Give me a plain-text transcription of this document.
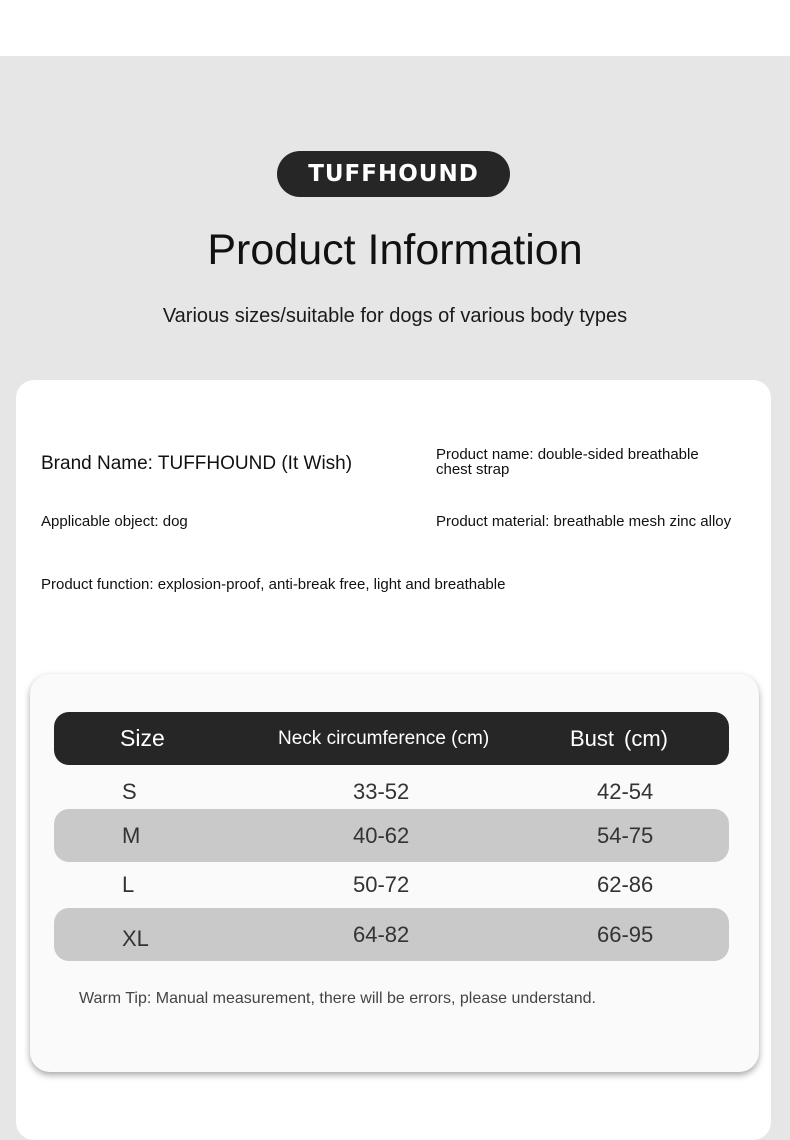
TUFFHOUND
Product Information
Various sizes/suitable for dogs of various body types
Brand Name: TUFFHOUND (It Wish)	Product name: double-sided breathable chest strap
Applicable object: dog	Product material: breathable mesh zinc alloy
Product function: explosion-proof, anti-break free, light and breathable
Size	Neck circumference (cm)	Bust (cm)
S	33-52	42-54
M	40-62	54-75
L	50-72	62-86
XL	64-82	66-95
Warm Tip: Manual measurement, there will be errors, please understand.
